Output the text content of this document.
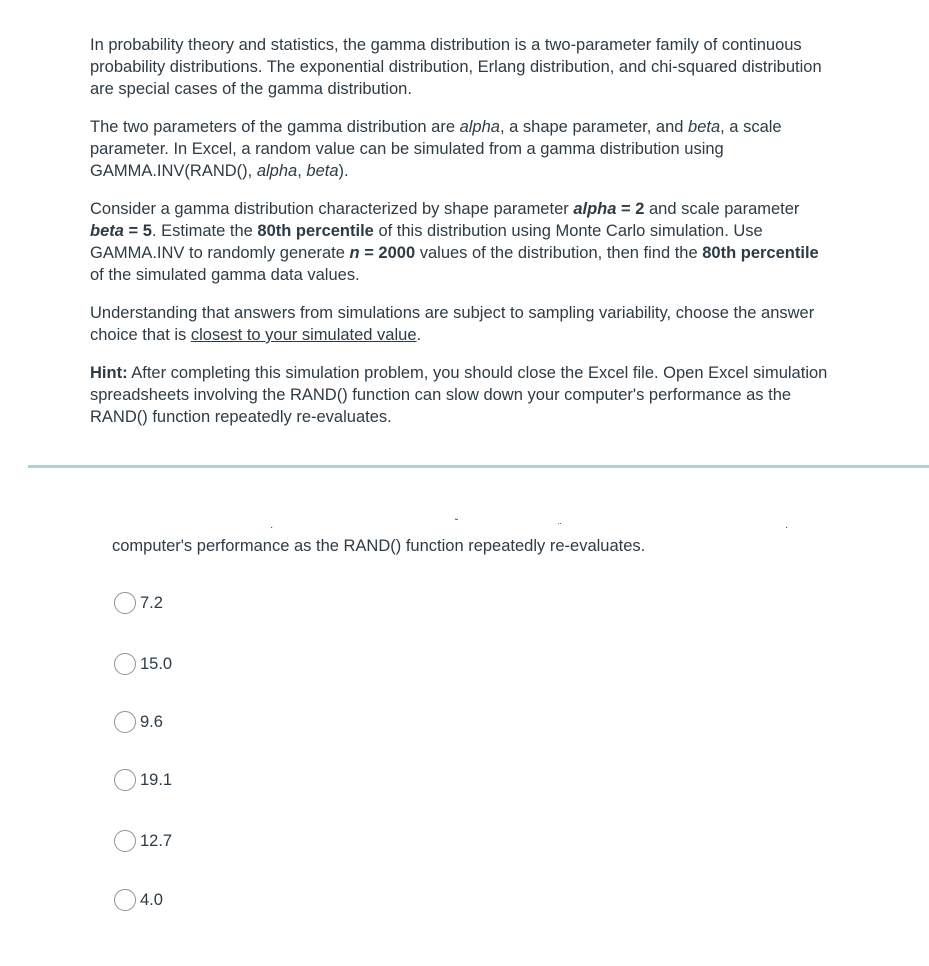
In probability theory and statistics, the gamma distribution is a two-parameter family of continuous probability distributions. The exponential distribution, Erlang distribution, and chi-squared distribution are special cases of the gamma distribution.

The two parameters of the gamma distribution are alpha, a shape parameter, and beta, a scale parameter. In Excel, a random value can be simulated from a gamma distribution using GAMMA.INV(RAND(), alpha, beta).

Consider a gamma distribution characterized by shape parameter alpha = 2 and scale parameter beta = 5. Estimate the 80th percentile of this distribution using Monte Carlo simulation. Use GAMMA.INV to randomly generate n = 2000 values of the distribution, then find the 80th percentile of the simulated gamma data values.

Understanding that answers from simulations are subject to sampling variability, choose the answer choice that is closest to your simulated value.

Hint: After completing this simulation problem, you should close the Excel file. Open Excel simulation spreadsheets involving the RAND() function can slow down your computer's performance as the RAND() function repeatedly re-evaluates.

·	˘	¨	·
computer's performance as the RAND() function repeatedly re-evaluates.
7.2
15.0
9.6
19.1
12.7
4.0
